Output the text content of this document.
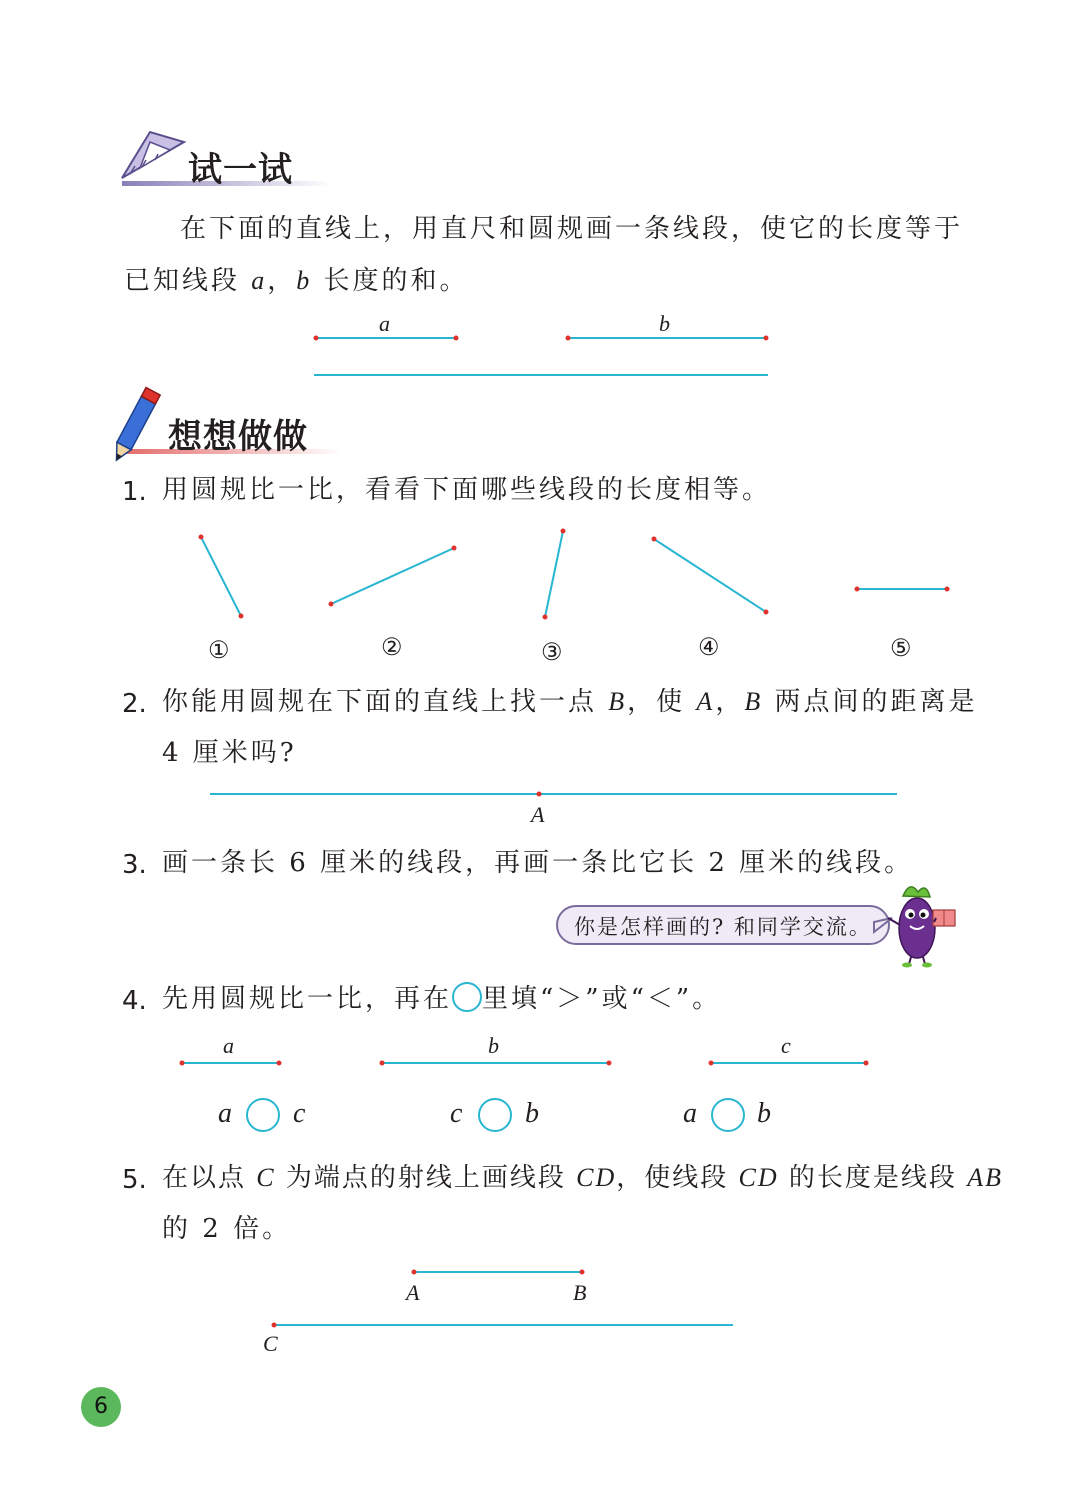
试一试
在下面的直线上，用直尺和圆规画一条线段，使它的长度等于
已知线段 a，b 长度的和。
a	b
想想做做
1. 用圆规比一比，看看下面哪些线段的长度相等。
①	②	③	④	⑤
2. 你能用圆规在下面的直线上找一点 B，使 A，B 两点间的距离是
4 厘米吗?
A
3. 画一条长 6 厘米的线段，再画一条比它长 2 厘米的线段。
你是怎样画的? 和同学交流。
4. 先用圆规比一比，再在 里填“＞”或“＜”。
a	b	c
a c	c b	a b
5. 在以点 C 为端点的射线上画线段 CD，使线段 CD 的长度是线段 AB
的 2 倍。
A	B
C
6
